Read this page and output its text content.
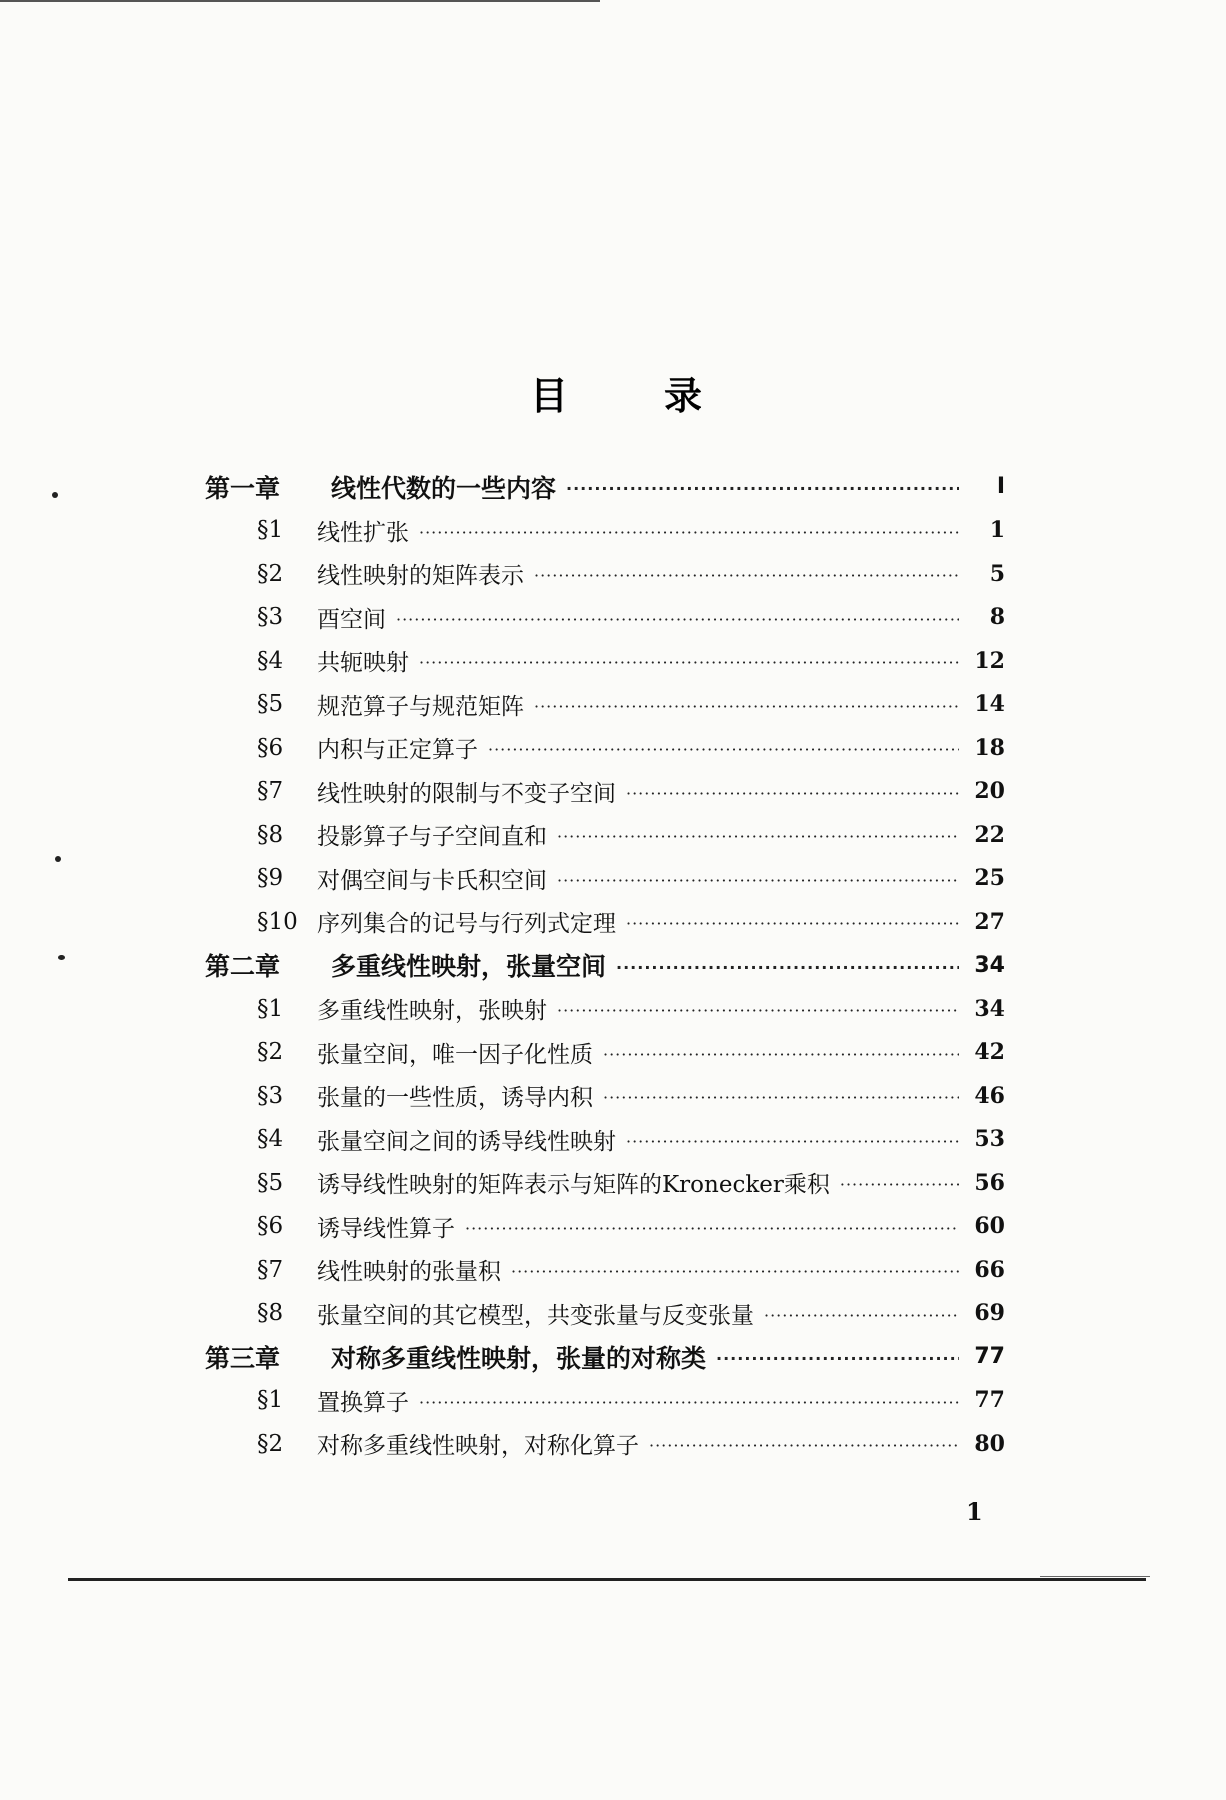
目	录
第一章	线性代数的一些内容 ·····	I
§1	线性扩张 ·····	1
§2	线性映射的矩阵表示 ·····	5
§3	酉空间 ·····	8
§4	共轭映射 ·····	12
§5	规范算子与规范矩阵 ·····	14
§6	内积与正定算子 ·····	18
§7	线性映射的限制与不变子空间 ·····	20
§8	投影算子与子空间直和 ·····	22
§9	对偶空间与卡氏积空间 ·····	25
§10 序列集合的记号与行列式定理 ·····	27
第二章	多重线性映射，张量空间 ·····	34
§1	多重线性映射，张映射 ·····	34
§2	张量空间，唯一因子化性质 ·····	42
§3	张量的一些性质，诱导内积 ·····	46
§4	张量空间之间的诱导线性映射 ·····	53
§5	诱导线性映射的矩阵表示与矩阵的Kronecker乘积 ·····	56
§6	诱导线性算子 ·····	60
§7	线性映射的张量积 ·····	66
§8	张量空间的其它模型，共变张量与反变张量 ·····	69
第三章	对称多重线性映射，张量的对称类 ·····	77
§1	置换算子 ·····	77
§2	对称多重线性映射，对称化算子 ·····	80
1
